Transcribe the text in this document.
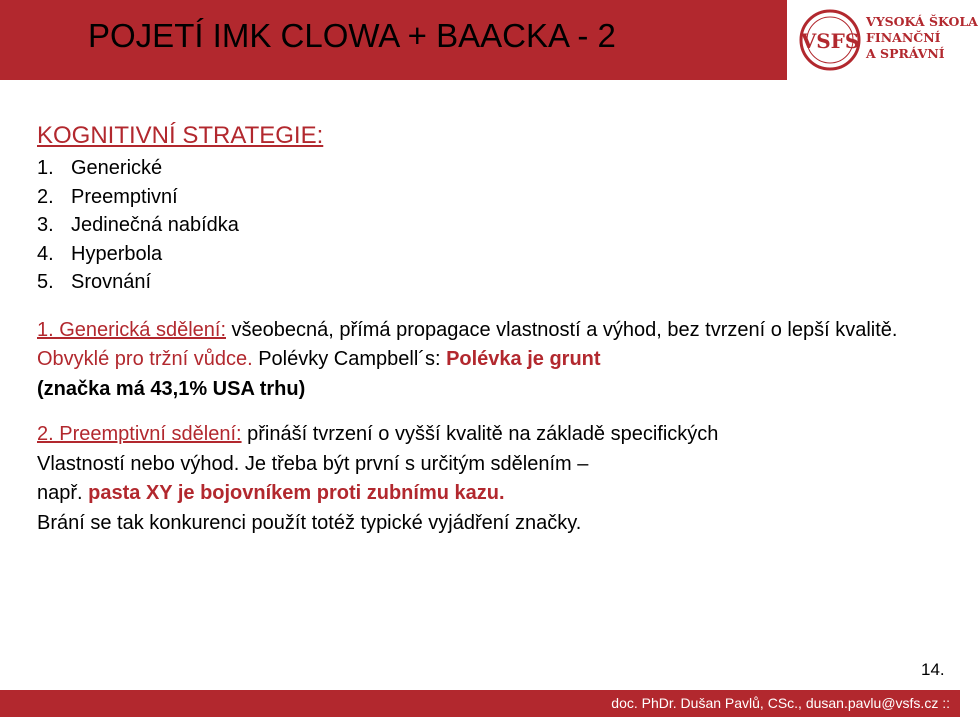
POJETÍ IMK CLOWA + BAACKA - 2	VSFS
VYSOKÁ ŠKOLA
FINANČNÍ
A SPRÁVNÍ
KOGNITIVNÍ STRATEGIE:
1. Generické
2. Preemptivní
3. Jedinečná nabídka
4. Hyperbola
5. Srovnání
1. Generická sdělení: všeobecná, přímá propagace vlastností a výhod, bez tvrzení o lepší kvalitě. Obvyklé pro tržní vůdce. Polévky Campbell´s: Polévka je grunt
(značka má 43,1% USA trhu)
2. Preemptivní sdělení: přináší tvrzení o vyšší kvalitě na základě specifických
Vlastností nebo výhod. Je třeba být první s určitým sdělením –
např. pasta XY je bojovníkem proti zubnímu kazu.
Brání se tak konkurenci použít totéž typické vyjádření značky.
14.
doc. PhDr. Dušan Pavlů, CSc., dusan.pavlu@vsfs.cz ::
